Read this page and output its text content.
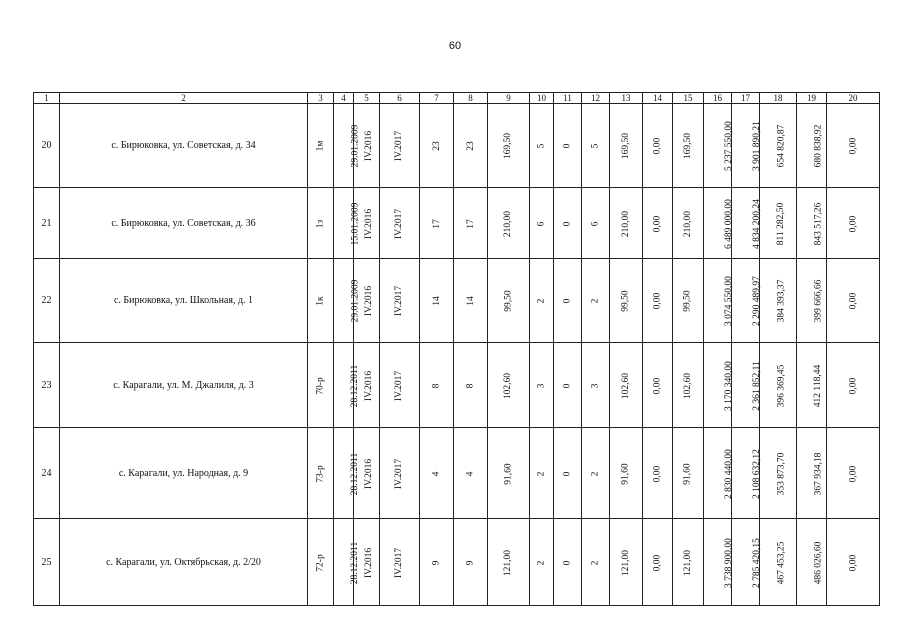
60
1	2	3	4	5	6	7	8	9	10	11	12	13	14	15	16	17	18	19	20
20	с. Бирюковка, ул. Советская, д. 34	1м	29.01.2009	IV.2016	IV.2017	23	23	169,50	5	0	5	169,50	0,00	169,50	5 237 550,00	3 901 890,21	654 820,87	680 838,92	0,00
21	с. Бирюковка, ул. Советская, д. 36	1з	15.01.2009	IV.2016	IV.2017	17	17	210,00	6	0	6	210,00	0,00	210,00	6 489 000,00	4 834 200,24	811 282,50	843 517,26	0,00
22	с. Бирюковка, ул. Школьная, д. 1	1к	29.01.2009	IV.2016	IV.2017	14	14	99,50	2	0	2	99,50	0,00	99,50	3 074 550,00	2 290 489,97	384 393,37	399 666,66	0,00
23	с. Карагали, ул. М. Джалиля, д. 3	70-р	28.12.2011	IV.2016	IV.2017	8	8	102,60	3	0	3	102,60	0,00	102,60	3 170 340,00	2 361 852,11	396 369,45	412 118,44	0,00
24	с. Карагали, ул. Народная, д. 9	73-р	28.12.2011	IV.2016	IV.2017	4	4	91,60	2	0	2	91,60	0,00	91,60	2 830 440,00	2 108 632,12	353 873,70	367 934,18	0,00
25	с. Карагали, ул. Октябрьская, д. 2/20	72-р	28.12.2011	IV.2016	IV.2017	9	9	121,00	2	0	2	121,00	0,00	121,00	3 738 900,00	2 785 420,15	467 453,25	486 026,60	0,00
